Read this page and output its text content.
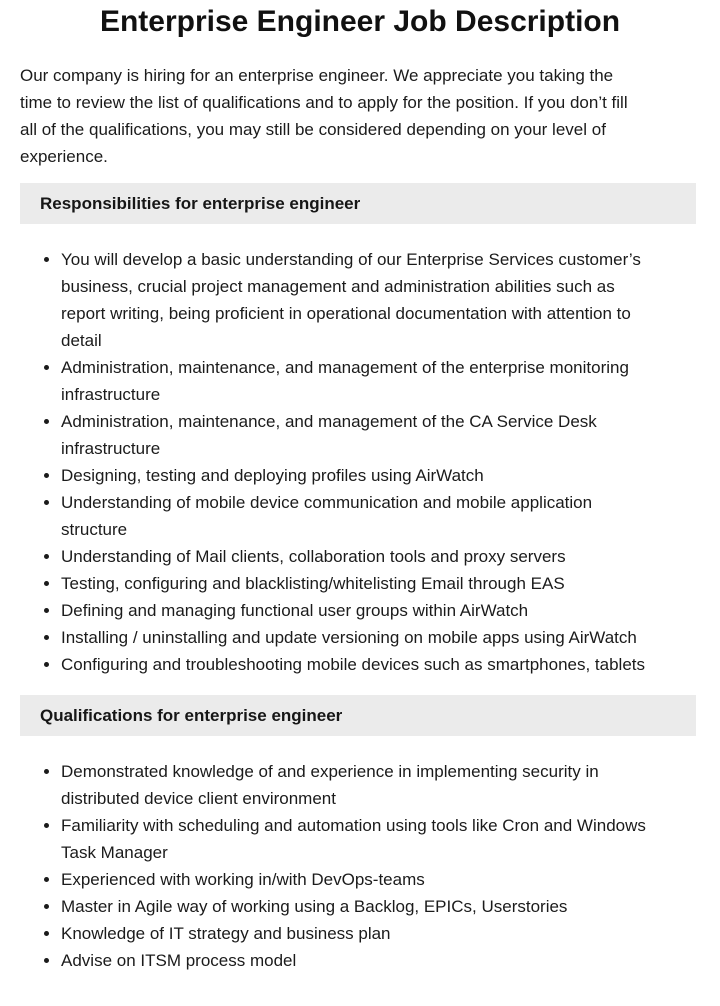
Enterprise Engineer Job Description

Our company is hiring for an enterprise engineer. We appreciate you taking the time to review the list of qualifications and to apply for the position. If you don’t fill all of the qualifications, you may still be considered depending on your level of experience.

Responsibilities for enterprise engineer
You will develop a basic understanding of our Enterprise Services customer’s business, crucial project management and administration abilities such as report writing, being proficient in operational documentation with attention to detail
Administration, maintenance, and management of the enterprise monitoring infrastructure
Administration, maintenance, and management of the CA Service Desk infrastructure
Designing, testing and deploying profiles using AirWatch
Understanding of mobile device communication and mobile application structure
Understanding of Mail clients, collaboration tools and proxy servers
Testing, configuring and blacklisting/whitelisting Email through EAS
Defining and managing functional user groups within AirWatch
Installing / uninstalling and update versioning on mobile apps using AirWatch
Configuring and troubleshooting mobile devices such as smartphones, tablets
Qualifications for enterprise engineer
Demonstrated knowledge of and experience in implementing security in distributed device client environment
Familiarity with scheduling and automation using tools like Cron and Windows Task Manager
Experienced with working in/with DevOps-teams
Master in Agile way of working using a Backlog, EPICs, Userstories
Knowledge of IT strategy and business plan
Advise on ITSM process model
